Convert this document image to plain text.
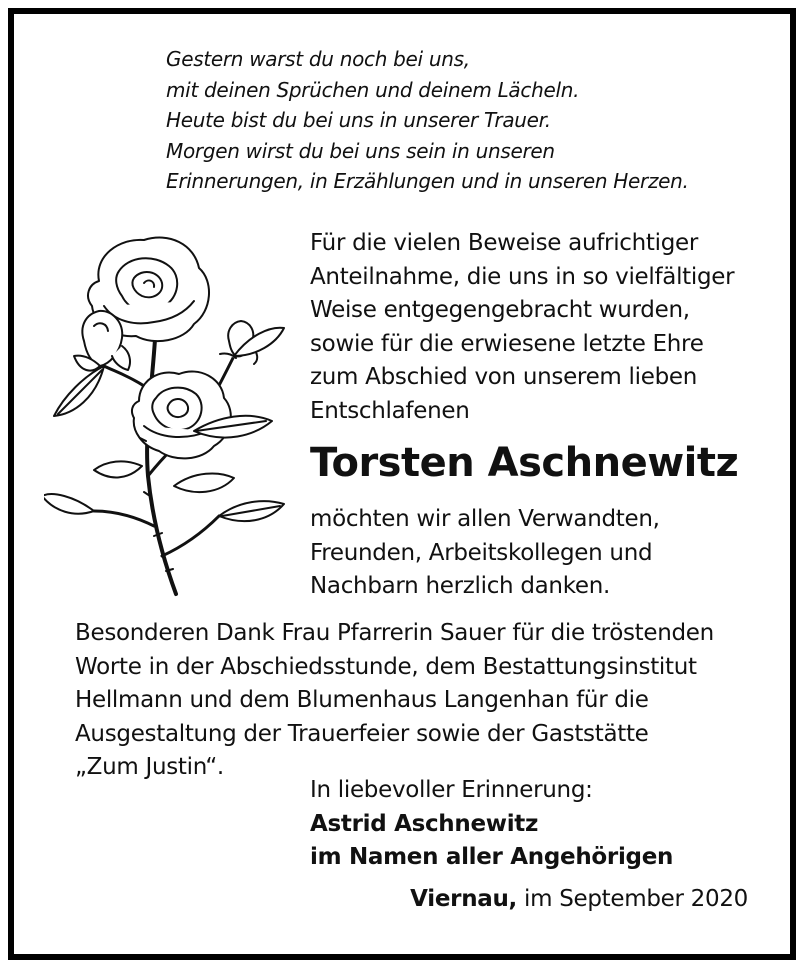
Gestern warst du noch bei uns,
mit deinen Sprüchen und deinem Lächeln.
Heute bist du bei uns in unserer Trauer.
Morgen wirst du bei uns sein in unseren
Erinnerungen, in Erzählungen und in unseren Herzen.
Für die vielen Beweise aufrichtiger
Anteilnahme, die uns in so vielfältiger
Weise entgegengebracht wurden,
sowie für die erwiesene letzte Ehre
zum Abschied von unserem lieben
Entschlafenen
Torsten Aschnewitz
möchten wir allen Verwandten,
Freunden, Arbeitskollegen und
Nachbarn herzlich danken.
Besonderen Dank Frau Pfarrerin Sauer für die tröstenden
Worte in der Abschiedsstunde, dem Bestattungsinstitut
Hellmann und dem Blumenhaus Langenhan für die
Ausgestaltung der Trauerfeier sowie der Gaststätte
„Zum Justin“.
In liebevoller Erinnerung:
Astrid Aschnewitz
im Namen aller Angehörigen
Viernau, im September 2020
